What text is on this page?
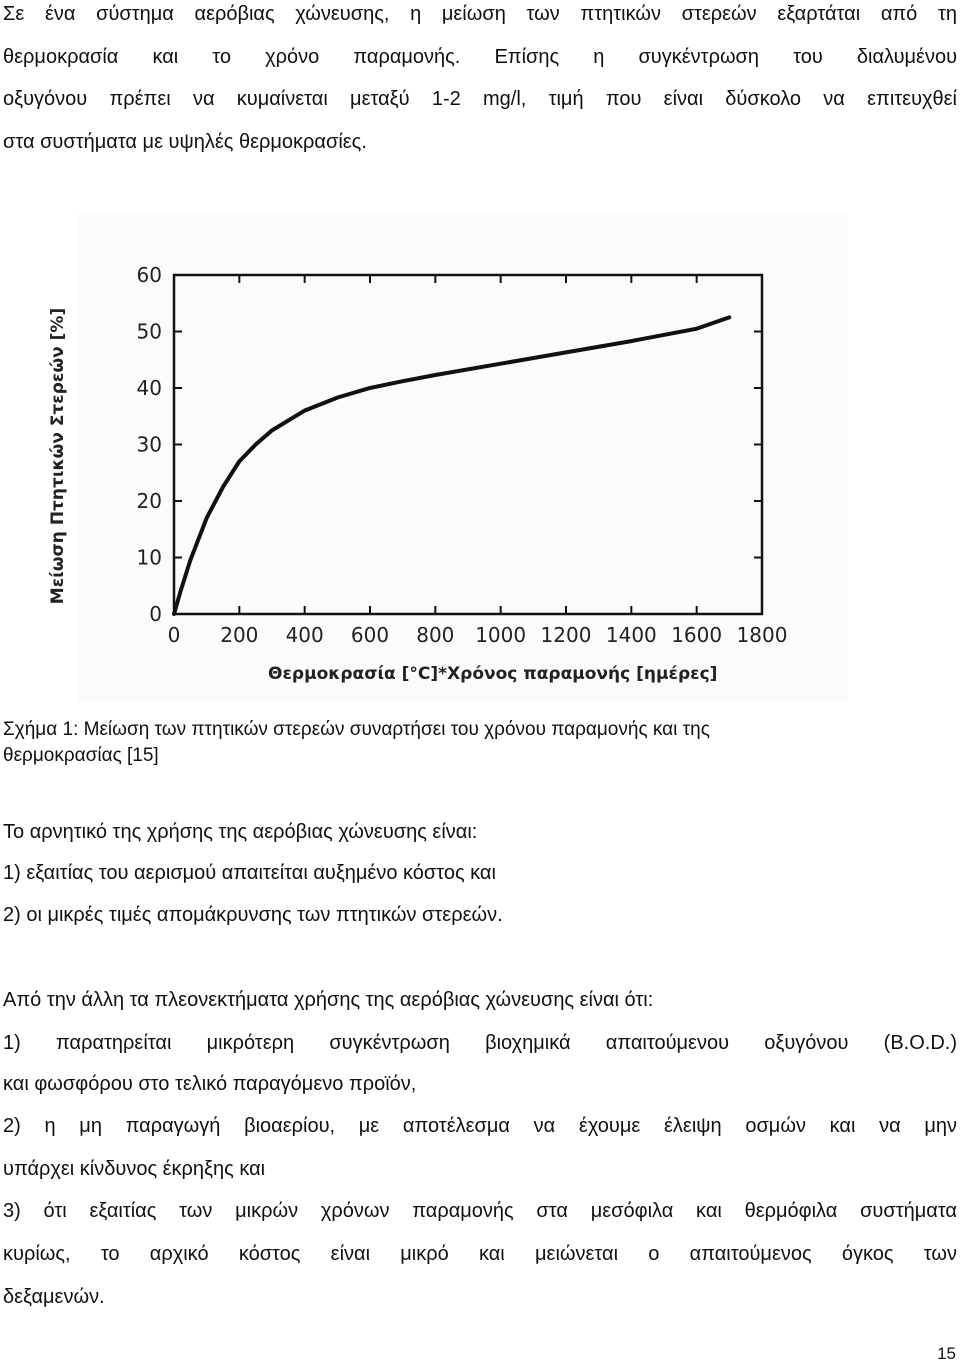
Σε ένα σύστημα αερόβιας χώνευσης, η μείωση των πτητικών στερεών εξαρτάται από τη
θερμοκρασία και το χρόνο παραμονής. Επίσης η συγκέντρωση του διαλυμένου
οξυγόνου πρέπει να κυμαίνεται μεταξύ 1-2 mg/l, τιμή που είναι δύσκολο να επιτευχθεί
στα συστήματα με υψηλές θερμοκρασίες.
0
10
20
30
40
50
60
0 200 400 600 800 1000 1200 1400 1600 1800
Μείωση Πτητικών Στερεών [%]
Θερμοκρασία [°C]*Χρόνος παραμονής [ημέρες]
Σχήμα 1: Μείωση των πτητικών στερεών συναρτήσει του χρόνου παραμονής και της
θερμοκρασίας [15]
Το αρνητικό της χρήσης της αερόβιας χώνευσης είναι:
1) εξαιτίας του αερισμού απαιτείται αυξημένο κόστος και
2) οι μικρές τιμές απομάκρυνσης των πτητικών στερεών.
Από την άλλη τα πλεονεκτήματα χρήσης της αερόβιας χώνευσης είναι ότι:
1) παρατηρείται μικρότερη συγκέντρωση βιοχημικά απαιτούμενου οξυγόνου (B.O.D.)
και φωσφόρου στο τελικό παραγόμενο προϊόν,
2) η μη παραγωγή βιοαερίου, με αποτέλεσμα να έχουμε έλειψη οσμών και να μην
υπάρχει κίνδυνος έκρηξης και
3) ότι εξαιτίας των μικρών χρόνων παραμονής στα μεσόφιλα και θερμόφιλα συστήματα
κυρίως, το αρχικό κόστος είναι μικρό και μειώνεται ο απαιτούμενος όγκος των
δεξαμενών.
15
